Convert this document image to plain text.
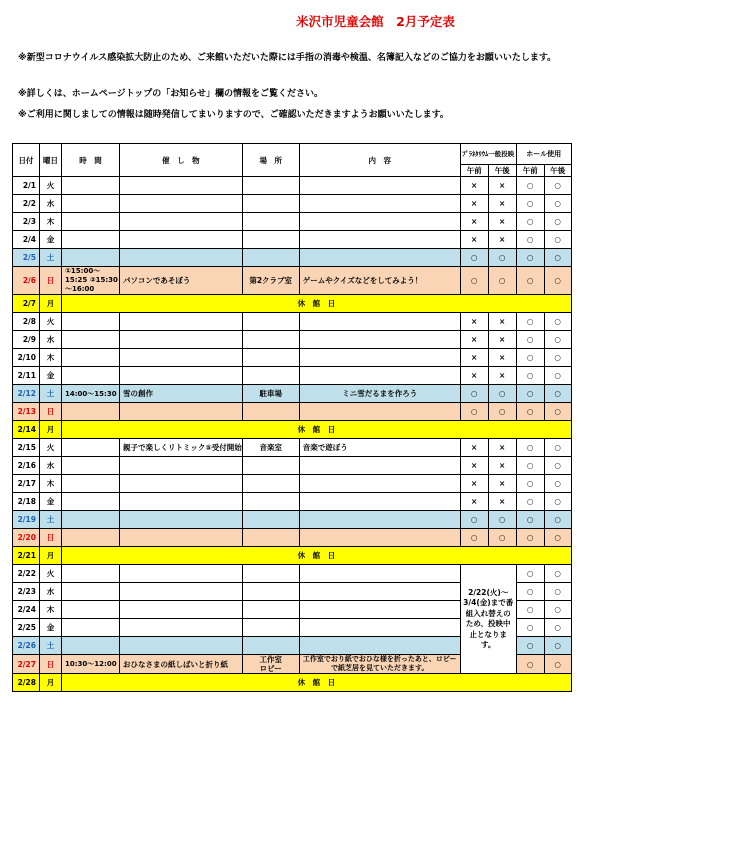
米沢市児童会館　2月予定表
※新型コロナウイルス感染拡大防止のため、ご来館いただいた際には手指の消毒や検温、名簿記入などのご協力をお願いいたします。
※詳しくは、ホームページトップの「お知らせ」欄の情報をご覧ください。
※ご利用に関しましての情報は随時発信してまいりますので、ご確認いただきますようお願いいたします。
日付	曜日	時　間	催　し　物	場　所	内　容	ﾌﾟﾗﾈﾀﾘｳﾑ一般投映		ホール使用	
						午前	午後	午前	午後
2/1	火					×	×	○	○
2/2	水					×	×	○	○
2/3	木					×	×	○	○
2/4	金					×	×	○	○
2/5	土					○	○	○	○
2/6	日	①15:00～15:25 ②15:30～16:00	パソコンであそぼう	第2クラブ室	ゲームやクイズなどをしてみよう！	○	○	○	○
2/7	月	休　館　日							
2/8	火					×	×	○	○
2/9	水					×	×	○	○
2/10	木					×	×	○	○
2/11	金					×	×	○	○
2/12	土	14:00～15:30	雪の創作	駐車場	ミニ雪だるまを作ろう	○	○	○	○
2/13	日					○	○	○	○
2/14	月	休　館　日							
2/15	火		親子で楽しくリトミック⑤受付開始	音楽室	音楽で遊ぼう	×	×	○	○
2/16	水					×	×	○	○
2/17	木					×	×	○	○
2/18	金					×	×	○	○
2/19	土					○	○	○	○
2/20	日					○	○	○	○
2/21	月	休　館　日							
2/22	火					2/22(火)～3/4(金)まで番組入れ替えのため、投映中止となります。		○	○
2/23	水							○	○
2/24	木							○	○
2/25	金							○	○
2/26	土							○	○
2/27	日	10:30～12:00	おひなさまの紙しばいと折り紙	工作室
ロビー	工作室でおり紙でおひな様を折ったあと、ロビーで紙芝居を見ていただきます。			○	○
2/28	月	休　館　日							
